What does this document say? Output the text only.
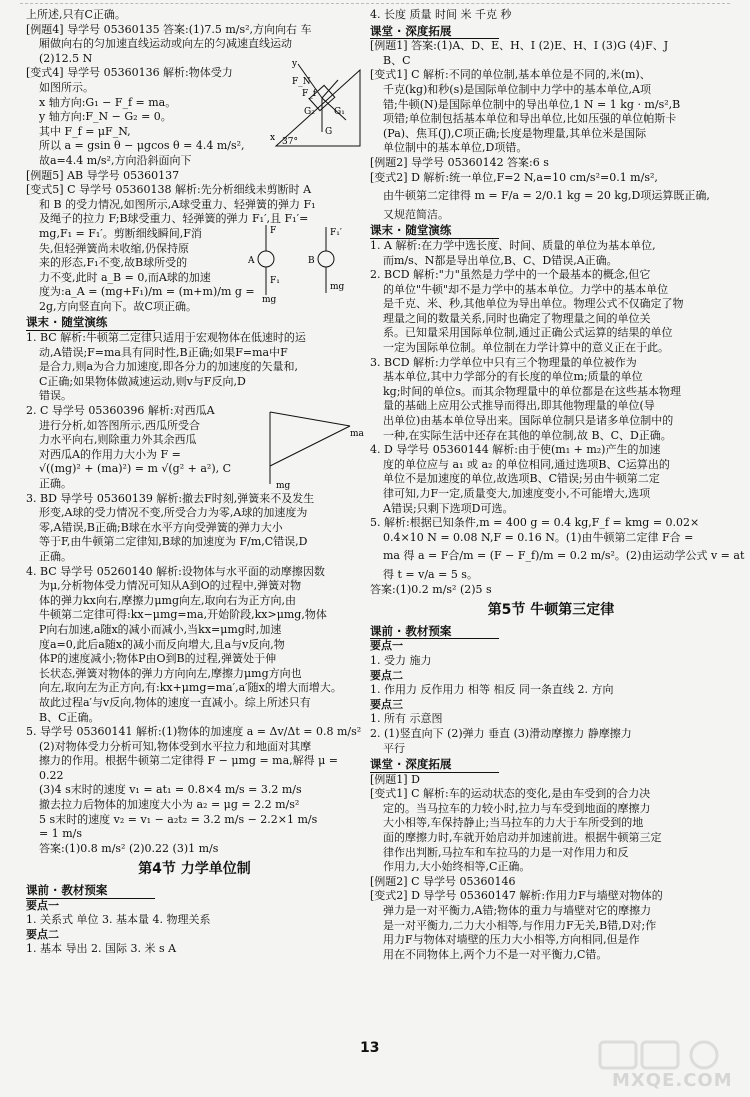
上所述,只有C正确。
[例题4] 导学号 05360135 答案:(1)7.5 m/s²,方向向右 车
厢做向右的匀加速直线运动或向左的匀减速直线运动
(2)12.5 N
[变式4] 导学号 05360136 解析:物体受力
如图所示。
x 轴方向:G₁ − F_f = ma。
y 轴方向:F_N − G₂ = 0。
其中 F_f = μF_N,
所以 a = gsin θ − μgcos θ = 4.4 m/s²,
故a=4.4 m/s²,方向沿斜面向下
y
F_N
F_f
G₂ G₁
G
x 37°
[例题5] AB 导学号 05360137
[变式5] C 导学号 05360138 解析:先分析细线未剪断时 A
和 B 的受力情况,如图所示,A球受重力、轻弹簧的弹力 F₁
及绳子的拉力 F;B球受重力、轻弹簧的弹力 F₁′,且 F₁′=
mg,F₁ = F₁′。剪断细线瞬间,F消
失,但轻弹簧尚未收缩,仍保持原
来的形态,F₁不变,故B球所受的
力不变,此时 a_B = 0,而A球的加速
度为:a_A = (mg+F₁)/m = (m+m)/m g =
F
A
F₁
mg
B
F₁′
mg
2g,方向竖直向下。故C项正确。
课末 · 随堂演练
1. BC 解析:牛顿第二定律只适用于宏观物体在低速时的运
动,A错误;F=ma具有同时性,B正确;如果F=ma中F
是合力,则a为合力加速度,即各分力的加速度的矢量和,
C正确;如果物体做减速运动,则v与F反向,D
错误。
2. C 导学号 05360396 解析:对西瓜A
进行分析,如答图所示,西瓜所受合
力水平向右,则除重力外其余西瓜
对西瓜A的作用力大小为 F =
√((mg)² + (ma)²) = m √(g² + a²), C
正确。
ma
mg
3. BD 导学号 05360139 解析:撤去F时刻,弹簧来不及发生
形变,A球的受力情况不变,所受合力为零,A球的加速度为
零,A错误,B正确;B球在水平方向受弹簧的弹力大小
等于F,由牛顿第二定律知,B球的加速度为 F/m,C错误,D
正确。
4. BC 导学号 05260140 解析:设物体与水平面的动摩擦因数
为μ,分析物体受力情况可知从A到O的过程中,弹簧对物
体的弹力kx向右,摩擦力μmg向左,取向右为正方向,由
牛顿第二定律可得:kx−μmg=ma,开始阶段,kx>μmg,物体
P向右加速,a随x的减小而减小,当kx=μmg时,加速
度a=0,此后a随x的减小而反向增大,且a与v反向,物
体P的速度减小;物体P由O到B的过程,弹簧处于伸
长状态,弹簧对物体的弹力方向向左,摩擦力μmg方向也
向左,取向左为正方向,有:kx+μmg=ma′,a′随x的增大而增大。
故此过程a′与v反向,物体的速度一直减小。综上所述只有
B、C正确。
5. 导学号 05360141 解析:(1)物体的加速度 a = Δv/Δt = 0.8 m/s²
(2)对物体受力分析可知,物体受到水平拉力和地面对其摩
擦力的作用。根据牛顿第二定律得 F − μmg = ma,解得 μ =
0.22
(3)4 s末时的速度 v₁ = at₁ = 0.8×4 m/s = 3.2 m/s
撤去拉力后物体的加速度大小为 a₂ = μg = 2.2 m/s²
5 s末时的速度 v₂ = v₁ − a₂t₂ = 3.2 m/s − 2.2×1 m/s
= 1 m/s
答案:(1)0.8 m/s² (2)0.22 (3)1 m/s
第4节 力学单位制
课前 · 教材预案
要点一
1. 关系式 单位 3. 基本量 4. 物理关系
要点二
1. 基本 导出 2. 国际 3. 米 s A
4. 长度 质量 时间 米 千克 秒
课堂 · 深度拓展
[例题1] 答案:(1)A、D、E、H、I (2)E、H、I (3)G (4)F、J
B、C
[变式1] C 解析:不同的单位制,基本单位是不同的,米(m)、
千克(kg)和秒(s)是国际单位制中力学中的基本单位,A项
错;牛顿(N)是国际单位制中的导出单位,1 N = 1 kg · m/s²,B
项错;单位制包括基本单位和导出单位,比如压强的单位帕斯卡
(Pa)、焦耳(J),C项正确;长度是物理量,其单位米是国际
单位制中的基本单位,D项错。
[例题2] 导学号 05360142 答案:6 s
[变式2] D 解析:统一单位,F=2 N,a=10 cm/s²=0.1 m/s²,
由牛顿第二定律得 m = F/a = 2/0.1 kg = 20 kg,D项运算既正确,
又规范简洁。
课末 · 随堂演练
1. A 解析:在力学中选长度、时间、质量的单位为基本单位,
而m/s、N都是导出单位,B、C、D错误,A正确。
2. BCD 解析:"力"虽然是力学中的一个最基本的概念,但它
的单位"牛顿"却不是力学中的基本单位。力学中的基本单位
是千克、米、秒,其他单位为导出单位。物理公式不仅确定了物
理量之间的数量关系,同时也确定了物理量之间的单位关
系。已知量采用国际单位制,通过正确公式运算的结果的单位
一定为国际单位制。单位制在力学计算中的意义正在于此。
3. BCD 解析:力学单位中只有三个物理量的单位被作为
基本单位,其中力学部分的有长度的单位m;质量的单位
kg;时间的单位s。而其余物理量中的单位都是在这些基本物理
量的基础上应用公式推导而得出,即其他物理量的单位(导
出单位)由基本单位导出来。国际单位制只是诸多单位制中的
一种,在实际生活中还存在其他的单位制,故 B、C、D正确。
4. D 导学号 05360144 解析:由于使(m₁ + m₂)产生的加速
度的单位应与 a₁ 或 a₂ 的单位相同,通过选项B、C运算出的
单位不是加速度的单位,故选项B、C错误;另由牛顿第二定
律可知,力F一定,质量变大,加速度变小,不可能增大,选项
A错误;只剩下选项D可选。
5. 解析:根据已知条件,m = 400 g = 0.4 kg,F_f = kmg = 0.02×
0.4×10 N = 0.08 N,F = 0.16 N。(1)由牛顿第二定律 F合 =
ma 得 a = F合/m = (F − F_f)/m = 0.2 m/s²。(2)由运动学公式 v = at
得 t = v/a = 5 s。
答案:(1)0.2 m/s² (2)5 s
第5节 牛顿第三定律
课前 · 教材预案
要点一
1. 受力 施力
要点二
1. 作用力 反作用力 相等 相反 同一条直线 2. 方向
要点三
1. 所有 示意图
2. (1)竖直向下 (2)弹力 垂直 (3)滑动摩擦力 静摩擦力
平行
课堂 · 深度拓展
[例题1] D
[变式1] C 解析:车的运动状态的变化,是由车受到的合力决
定的。当马拉车的力较小时,拉力与车受到地面的摩擦力
大小相等,车保持静止;当马拉车的力大于车所受到的地
面的摩擦力时,车就开始启动并加速前进。根据牛顿第三定
律作出判断,马拉车和车拉马的力是一对作用力和反
作用力,大小始终相等,C正确。
[例题2] C 导学号 05360146
[变式2] D 导学号 05360147 解析:作用力F与墙壁对物体的
弹力是一对平衡力,A错;物体的重力与墙壁对它的摩擦力
是一对平衡力,二力大小相等,与作用力F无关,B错,D对;作
用力F与物体对墙壁的压力大小相等,方向相同,但是作
用在不同物体上,两个力不是一对平衡力,C错。
13
MXQE.COM
